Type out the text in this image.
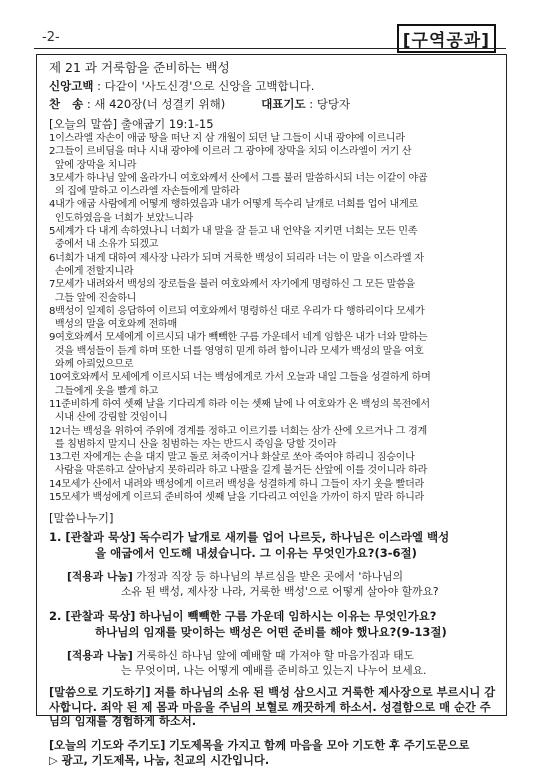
-2-	[구역공과]
제 21 과 거룩함을 준비하는 백성
신앙고백 : 다같이 '사도신경'으로 신앙을 고백합니다.
찬   송 : 새 420장(너 성결키 위해)	대표기도 : 당당자
[오늘의 말씀] 출애굽기 19:1-15

1이스라엘 자손이 애굽 땅을 떠난 지 삼 개월이 되던 날 그들이 시내 광야에 이르니라

2그들이 르비딤을 떠나 시내 광야에 이르러 그 광야에 장막을 치되 이스라엘이 거기 산

앞에 장막을 치니라

3모세가 하나님 앞에 올라가니 여호와께서 산에서 그를 불러 말씀하시되 너는 이같이 야곱

의 집에 말하고 이스라엘 자손들에게 말하라

4내가 애굽 사람에게 어떻게 행하였음과 내가 어떻게 독수리 날개로 너희를 업어 내게로

인도하였음을 너희가 보았느니라

5세계가 다 내게 속하였나니 너희가 내 말을 잘 듣고 내 언약을 지키면 너희는 모든 민족

중에서 내 소유가 되겠고

6너희가 내게 대하여 제사장 나라가 되며 거룩한 백성이 되리라 너는 이 말을 이스라엘 자

손에게 전할지니라

7모세가 내려와서 백성의 장로들을 불러 여호와께서 자기에게 명령하신 그 모든 말씀을

그들 앞에 진술하니

8백성이 일제히 응답하여 이르되 여호와께서 명령하신 대로 우리가 다 행하리이다 모세가

백성의 말을 여호와께 전하매

9여호와께서 모세에게 이르시되 내가 빽빽한 구름 가운데서 네게 임함은 내가 너와 말하는

것을 백성들이 듣게 하며 또한 너를 영영히 믿게 하려 함이니라 모세가 백성의 말을 여호

와께 아뢰었으므로

10여호와께서 모세에게 이르시되 너는 백성에게로 가서 오늘과 내일 그들을 성결하게 하며

그들에게 옷을 빨게 하고

11준비하게 하여 셋째 날을 기다리게 하라 이는 셋째 날에 나 여호와가 온 백성의 목전에서

시내 산에 강림할 것임이니

12너는 백성을 위하여 주위에 경계를 정하고 이르기를 너희는 삼가 산에 오르거나 그 경계

를 침범하지 말지니 산을 침범하는 자는 반드시 죽임을 당할 것이라

13그런 자에게는 손을 대지 말고 돌로 쳐죽이거나 화살로 쏘아 죽여야 하리니 짐승이나

사람을 막론하고 살아남지 못하리라 하고 나팔을 길게 불거든 산앞에 이를 것이니라 하라

14모세가 산에서 내려와 백성에게 이르러 백성을 성결하게 하니 그들이 자기 옷을 빨더라

15모세가 백성에게 이르되 준비하여 셋째 날을 기다리고 여인을 가까이 하지 말라 하니라

[말씀나누기]
1. [관찰과 묵상] 독수리가 날개로 새끼를 업어 나르듯, 하나님은 이스라엘 백성
을 애굽에서 인도해 내셨습니다. 그 이유는 무엇인가요?(3-6절)
[적용과 나눔] 가정과 직장 등 하나님의 부르심을 받은 곳에서 '하나님의
소유 된 백성, 제사장 나라, 거룩한 백성'으로 어떻게 살아야 할까요?
2. [관찰과 묵상] 하나님이 빽빽한 구름 가운데 임하시는 이유는 무엇인가요?
하나님의 임재를 맞이하는 백성은 어떤 준비를 해야 했나요?(9-13절)
[적용과 나눔] 거룩하신 하나님 앞에 예배할 때 가져야 할 마음가짐과 태도
는 무엇이며, 나는 어떻게 예배를 준비하고 있는지 나누어 보세요.
[말씀으로 기도하기] 저를 하나님의 소유 된 백성 삼으시고 거룩한 제사장으로 부르시니 감사합니다. 죄악 된 제 몸과 마음을 주님의 보혈로 깨끗하게 하소서. 성결함으로 매 순간 주님의 임재를 경험하게 하소서.
[오늘의 기도와 주기도] 기도제목을 가지고 함께 마음을 모아 기도한 후 주기도문으로
▷ 광고, 기도제목, 나눔, 친교의 시간입니다.
